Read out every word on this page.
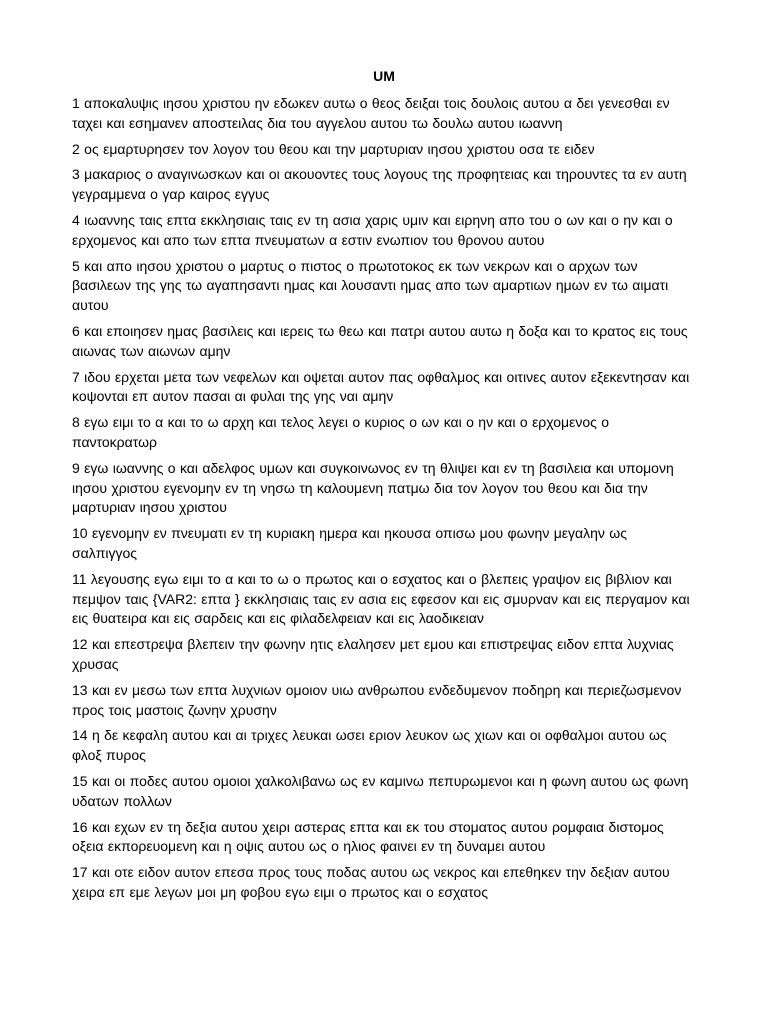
UM
1 αποκαλυψις ιησου χριστου ην εδωκεν αυτω ο θεος δειξαι τοις δουλοις αυτου α δει γενεσθαι εν ταχει και εσημανεν αποστειλας δια του αγγελου αυτου τω δουλω αυτου ιωαννη
2 ος εμαρτυρησεν τον λογον του θεου και την μαρτυριαν ιησου χριστου οσα τε ειδεν
3 μακαριος ο αναγινωσκων και οι ακουοντες τους λογους της προφητειας και τηρουντες τα εν αυτη γεγραμμενα ο γαρ καιρος εγγυς
4 ιωαννης ταις επτα εκκλησιαις ταις εν τη ασια χαρις υμιν και ειρηνη απο του ο ων και ο ην και ο ερχομενος και απο των επτα πνευματων α εστιν ενωπιον του θρονου αυτου
5 και απο ιησου χριστου ο μαρτυς ο πιστος ο πρωτοτοκος εκ των νεκρων και ο αρχων των βασιλεων της γης τω αγαπησαντι ημας και λουσαντι ημας απο των αμαρτιων ημων εν τω αιματι αυτου
6 και εποιησεν ημας βασιλεις και ιερεις τω θεω και πατρι αυτου αυτω η δοξα και το κρατος εις τους αιωνας των αιωνων αμην
7 ιδου ερχεται μετα των νεφελων και οψεται αυτον πας οφθαλμος και οιτινες αυτον εξεκεντησαν και κοψονται επ αυτον πασαι αι φυλαι της γης ναι αμην
8 εγω ειμι το α και το ω αρχη και τελος λεγει ο κυριος ο ων και ο ην και ο ερχομενος ο παντοκρατωρ
9 εγω ιωαννης ο και αδελφος υμων και συγκοινωνος εν τη θλιψει και εν τη βασιλεια και υπομονη ιησου χριστου εγενομην εν τη νησω τη καλουμενη πατμω δια τον λογον του θεου και δια την μαρτυριαν ιησου χριστου
10 εγενομην εν πνευματι εν τη κυριακη ημερα και ηκουσα οπισω μου φωνην μεγαλην ως σαλπιγγος
11 λεγουσης εγω ειμι το α και το ω ο πρωτος και ο εσχατος και ο βλεπεις γραψον εις βιβλιον και πεμψον ταις {VAR2: επτα } εκκλησιαις ταις εν ασια εις εφεσον και εις σμυρναν και εις περγαμον και εις θυατειρα και εις σαρδεις και εις φιλαδελφειαν και εις λαοδικειαν
12 και επεστρεψα βλεπειν την φωνην ητις ελαλησεν μετ εμου και επιστρεψας ειδον επτα λυχνιας χρυσας
13 και εν μεσω των επτα λυχνιων ομοιον υιω ανθρωπου ενδεδυμενον ποδηρη και περιεζωσμενον προς τοις μαστοις ζωνην χρυσην
14 η δε κεφαλη αυτου και αι τριχες λευκαι ωσει εριον λευκον ως χιων και οι οφθαλμοι αυτου ως φλοξ πυρος
15 και οι ποδες αυτου ομοιοι χαλκολιβανω ως εν καμινω πεπυρωμενοι και η φωνη αυτου ως φωνη υδατων πολλων
16 και εχων εν τη δεξια αυτου χειρι αστερας επτα και εκ του στοματος αυτου ρομφαια διστομος οξεια εκπορευομενη και η οψις αυτου ως ο ηλιος φαινει εν τη δυναμει αυτου
17 και οτε ειδον αυτον επεσα προς τους ποδας αυτου ως νεκρος και επεθηκεν την δεξιαν αυτου χειρα επ εμε λεγων μοι μη φοβου εγω ειμι ο πρωτος και ο εσχατος
